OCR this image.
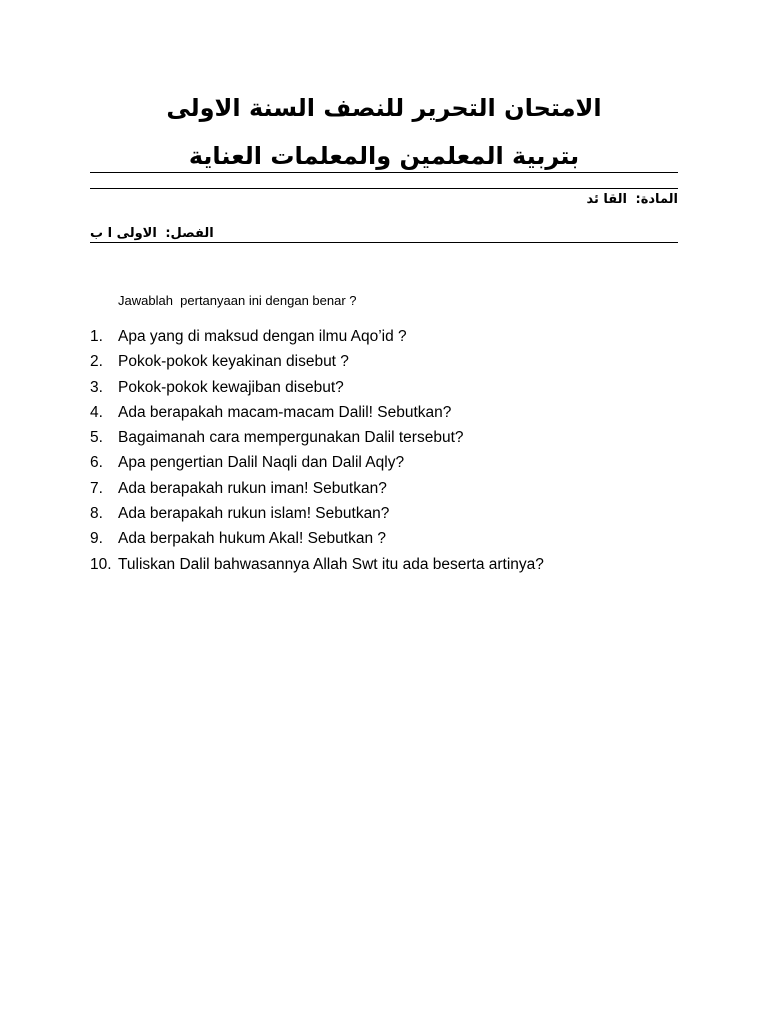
الامتحان التحرير للنصف السنة الاولى
بتربية المعلمين والمعلمات العناية
المادة: القا ئد
الفصل: الاولى ا ب
Jawablah  pertanyaan ini dengan benar ?
1. Apa yang di maksud dengan ilmu Aqo’id ?
2. Pokok-pokok keyakinan disebut ?
3. Pokok-pokok kewajiban disebut?
4. Ada berapakah macam-macam Dalil! Sebutkan?
5. Bagaimanah cara mempergunakan Dalil tersebut?
6. Apa pengertian Dalil Naqli dan Dalil Aqly?
7. Ada berapakah rukun iman! Sebutkan?
8. Ada berapakah rukun islam! Sebutkan?
9. Ada berpakah hukum Akal! Sebutkan ?
10. Tuliskan Dalil bahwasannya Allah Swt itu ada beserta artinya?
